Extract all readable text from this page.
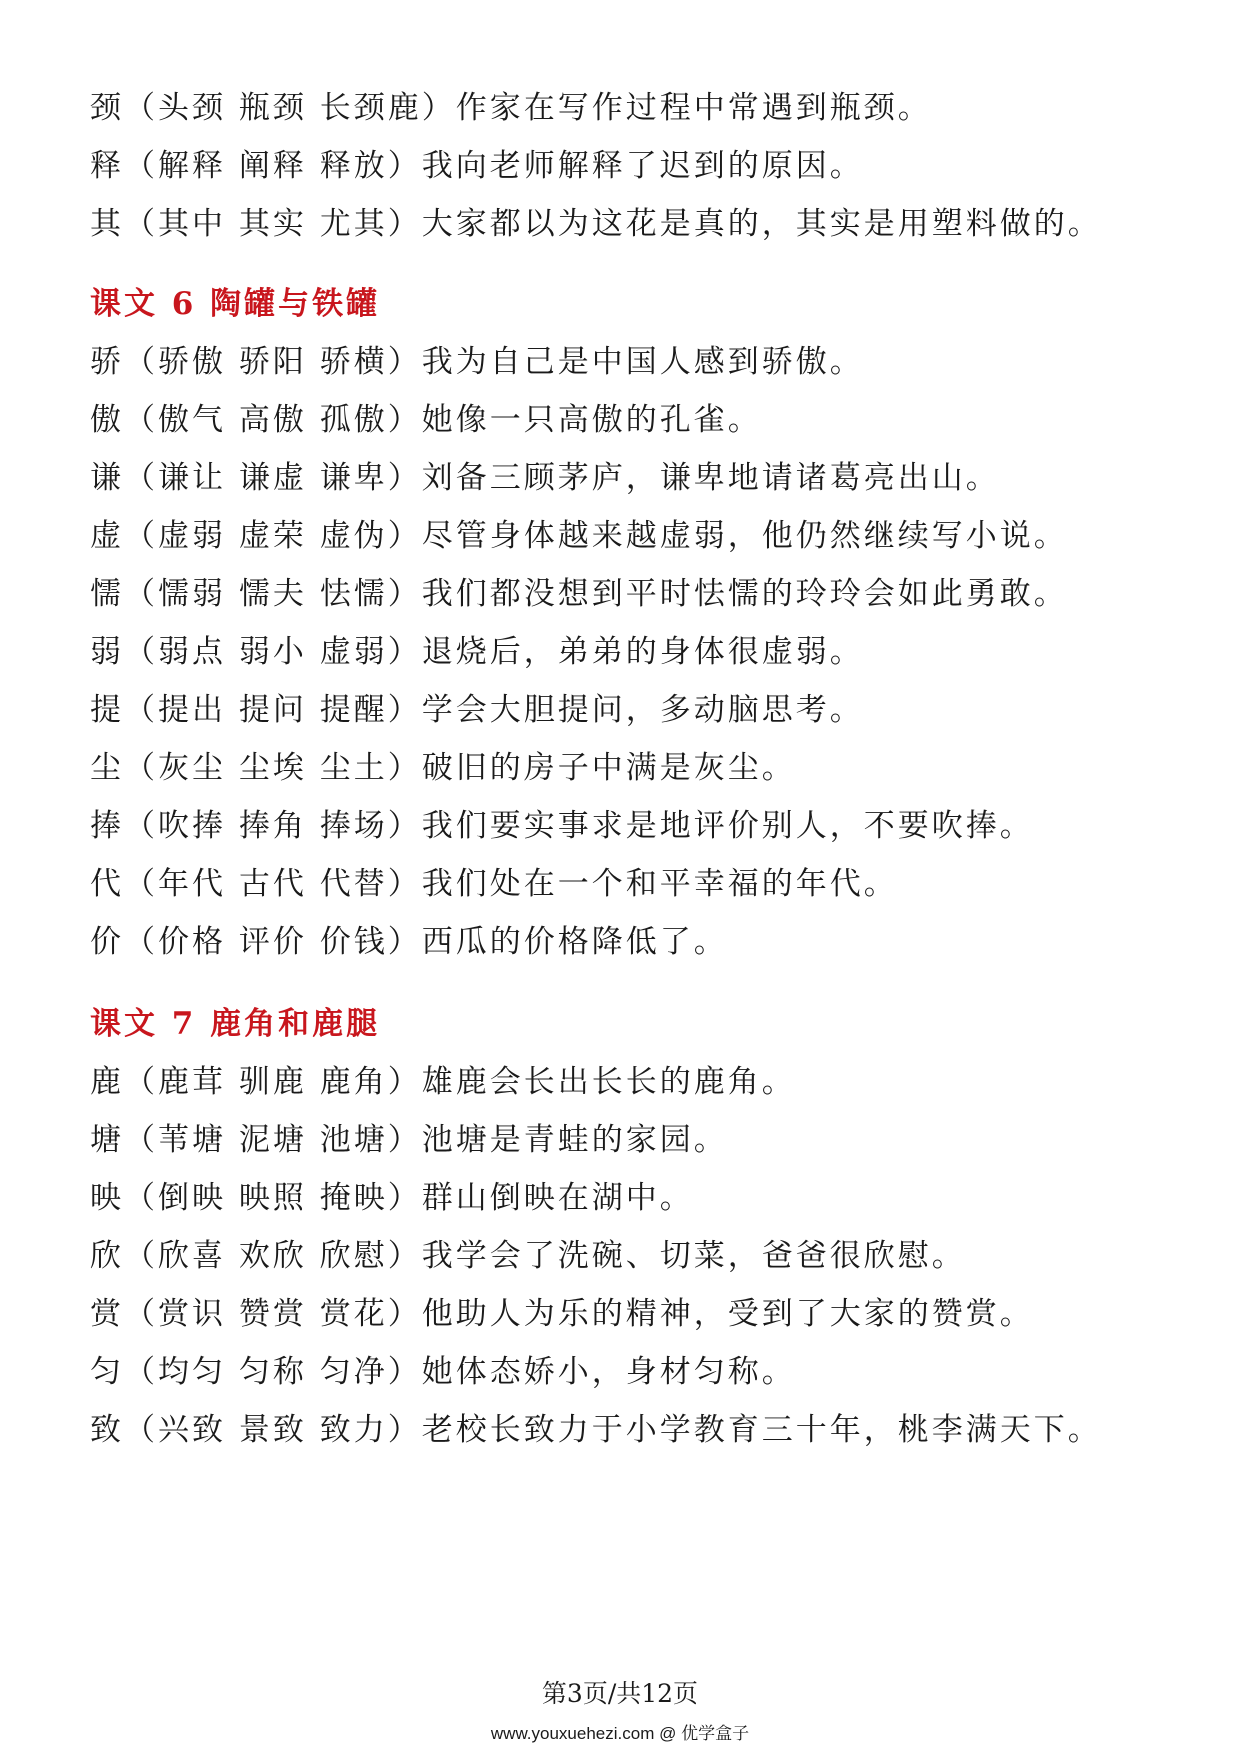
颈（头颈 瓶颈 长颈鹿）作家在写作过程中常遇到瓶颈。
释（解释 阐释 释放）我向老师解释了迟到的原因。
其（其中 其实 尤其）大家都以为这花是真的，其实是用塑料做的。
课文 6 陶罐与铁罐
骄（骄傲 骄阳 骄横）我为自己是中国人感到骄傲。
傲（傲气 高傲 孤傲）她像一只高傲的孔雀。
谦（谦让 谦虚 谦卑）刘备三顾茅庐，谦卑地请诸葛亮出山。
虚（虚弱 虚荣 虚伪）尽管身体越来越虚弱，他仍然继续写小说。
懦（懦弱 懦夫 怯懦）我们都没想到平时怯懦的玲玲会如此勇敢。
弱（弱点 弱小 虚弱）退烧后，弟弟的身体很虚弱。
提（提出 提问 提醒）学会大胆提问，多动脑思考。
尘（灰尘 尘埃 尘土）破旧的房子中满是灰尘。
捧（吹捧 捧角 捧场）我们要实事求是地评价别人，不要吹捧。
代（年代 古代 代替）我们处在一个和平幸福的年代。
价（价格 评价 价钱）西瓜的价格降低了。
课文 7 鹿角和鹿腿
鹿（鹿茸 驯鹿 鹿角）雄鹿会长出长长的鹿角。
塘（苇塘 泥塘 池塘）池塘是青蛙的家园。
映（倒映 映照 掩映）群山倒映在湖中。
欣（欣喜 欢欣 欣慰）我学会了洗碗、切菜，爸爸很欣慰。
赏（赏识 赞赏 赏花）他助人为乐的精神，受到了大家的赞赏。
匀（均匀 匀称 匀净）她体态娇小，身材匀称。
致（兴致 景致 致力）老校长致力于小学教育三十年，桃李满天下。
第3页/共12页
www.youxuehezi.com @ 优学盒子
